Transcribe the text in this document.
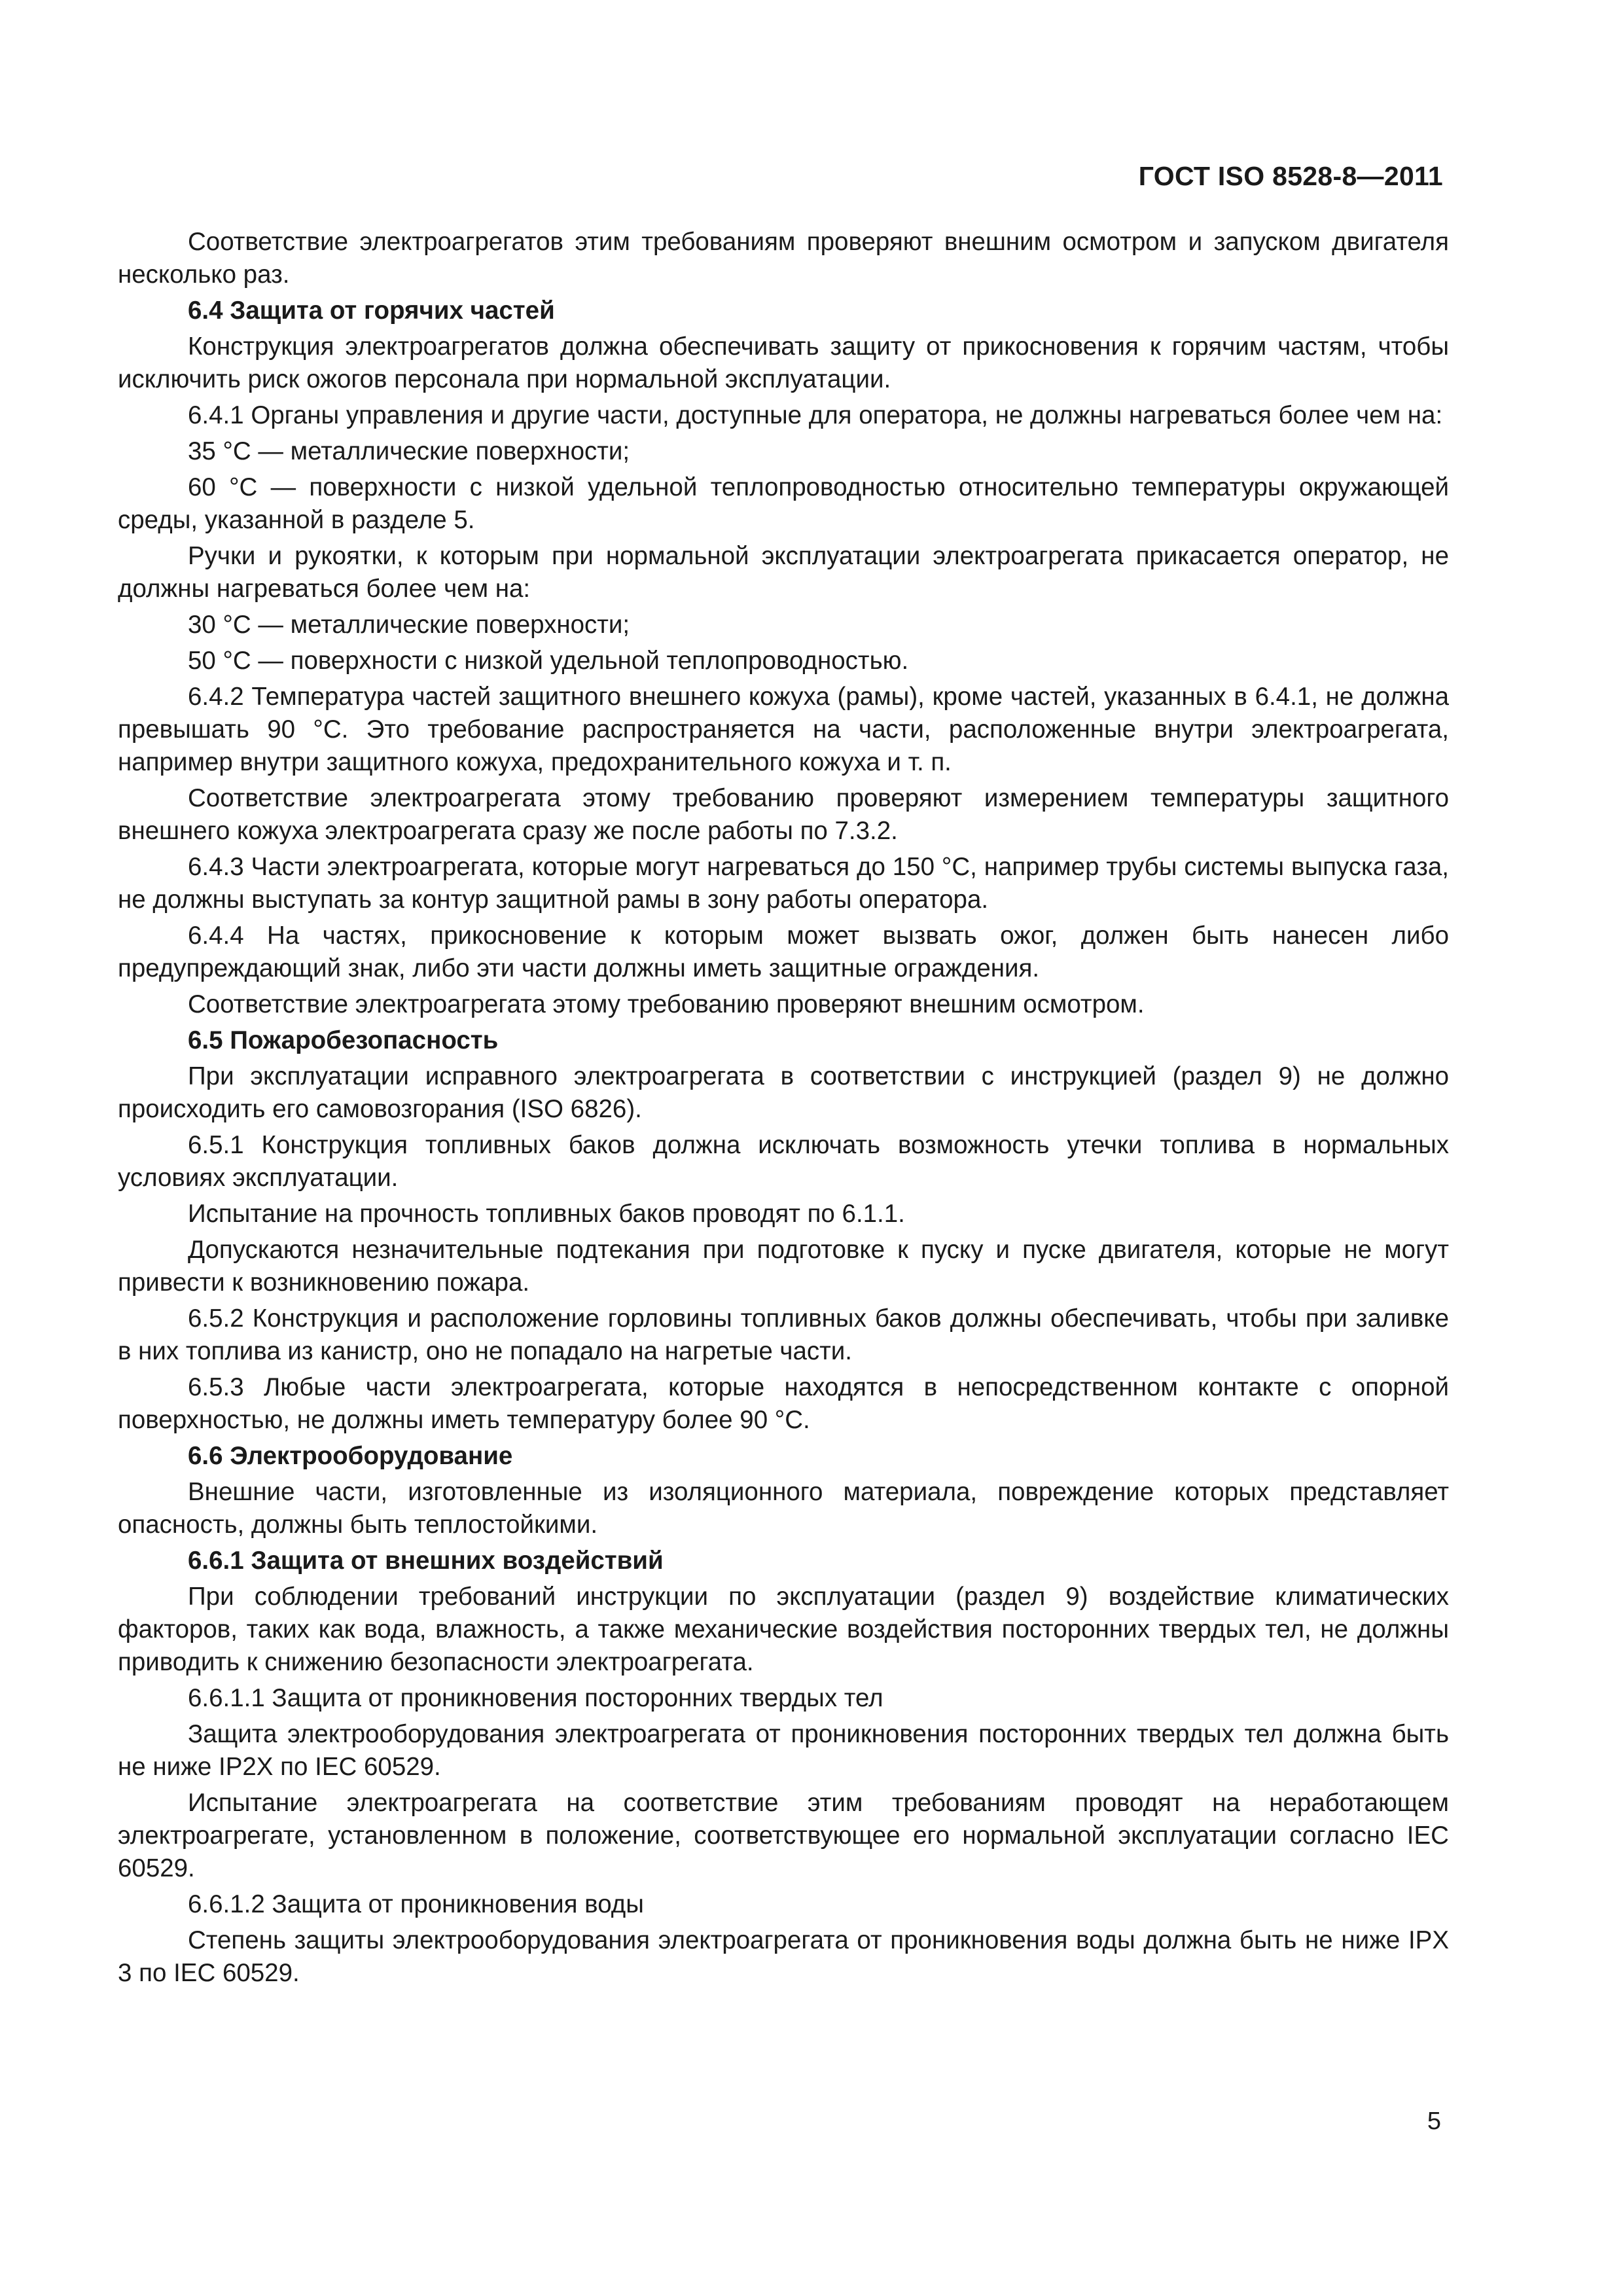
ГОСТ ISO 8528-8—2011

Соответствие электроагрегатов этим требованиям проверяют внешним осмотром и запуском двигателя несколько раз.

6.4 Защита от горячих частей

Конструкция электроагрегатов должна обеспечивать защиту от прикосновения к горячим частям, чтобы исключить риск ожогов персонала при нормальной эксплуатации.

6.4.1 Органы управления и другие части, доступные для оператора, не должны нагреваться более чем на:

35 °C — металлические поверхности;

60 °C — поверхности с низкой удельной теплопроводностью относительно температуры окружающей среды, указанной в разделе 5.

Ручки и рукоятки, к которым при нормальной эксплуатации электроагрегата прикасается оператор, не должны нагреваться более чем на:

30 °C — металлические поверхности;

50 °C — поверхности с низкой удельной теплопроводностью.

6.4.2 Температура частей защитного внешнего кожуха (рамы), кроме частей, указанных в 6.4.1, не должна превышать 90 °C. Это требование распространяется на части, расположенные внутри электроагрегата, например внутри защитного кожуха, предохранительного кожуха и т. п.

Соответствие электроагрегата этому требованию проверяют измерением температуры защитного внешнего кожуха электроагрегата сразу же после работы по 7.3.2.

6.4.3 Части электроагрегата, которые могут нагреваться до 150 °C, например трубы системы выпуска газа, не должны выступать за контур защитной рамы в зону работы оператора.

6.4.4 На частях, прикосновение к которым может вызвать ожог, должен быть нанесен либо предупреждающий знак, либо эти части должны иметь защитные ограждения.

Соответствие электроагрегата этому требованию проверяют внешним осмотром.

6.5 Пожаробезопасность

При эксплуатации исправного электроагрегата в соответствии с инструкцией (раздел 9) не должно происходить его самовозгорания (ISO 6826).

6.5.1 Конструкция топливных баков должна исключать возможность утечки топлива в нормальных условиях эксплуатации.

Испытание на прочность топливных баков проводят по 6.1.1.

Допускаются незначительные подтекания при подготовке к пуску и пуске двигателя, которые не могут привести к возникновению пожара.

6.5.2 Конструкция и расположение горловины топливных баков должны обеспечивать, чтобы при заливке в них топлива из канистр, оно не попадало на нагретые части.

6.5.3 Любые части электроагрегата, которые находятся в непосредственном контакте с опорной поверхностью, не должны иметь температуру более 90 °C.

6.6 Электрооборудование

Внешние части, изготовленные из изоляционного материала, повреждение которых представляет опасность, должны быть теплостойкими.

6.6.1 Защита от внешних воздействий

При соблюдении требований инструкции по эксплуатации (раздел 9) воздействие климатических факторов, таких как вода, влажность, а также механические воздействия посторонних твердых тел, не должны приводить к снижению безопасности электроагрегата.

6.6.1.1 Защита от проникновения посторонних твердых тел

Защита электрооборудования электроагрегата от проникновения посторонних твердых тел должна быть не ниже IP2X по IEC 60529.

Испытание электроагрегата на соответствие этим требованиям проводят на неработающем электроагрегате, установленном в положение, соответствующее его нормальной эксплуатации согласно IEC 60529.

6.6.1.2 Защита от проникновения воды

Степень защиты электрооборудования электроагрегата от проникновения воды должна быть не ниже IPX 3 по IEC 60529.

5
